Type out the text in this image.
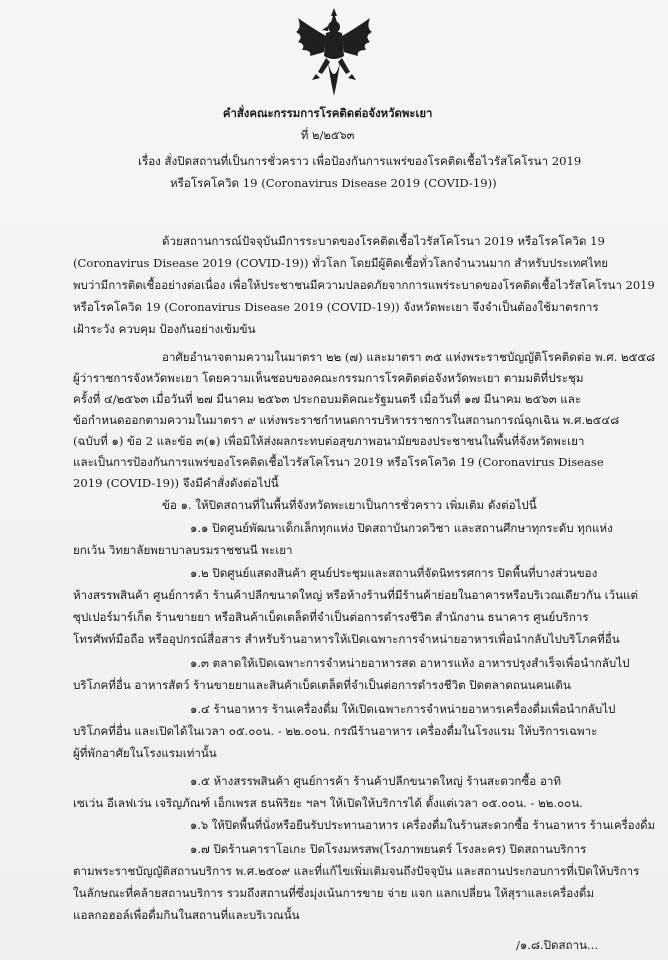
คำสั่งคณะกรรมการโรคติดต่อจังหวัดพะเยา
ที่ ๒/๒๕๖๓
เรื่อง สั่งปิดสถานที่เป็นการชั่วคราว เพื่อป้องกันการแพร่ของโรคติดเชื้อไวรัสโคโรนา 2019
หรือโรคโควิด 19 (Coronavirus Disease 2019 (COVID-19))
ด้วยสถานการณ์ปัจจุบันมีการระบาดของโรคติดเชื้อไวรัสโคโรนา 2019 หรือโรคโควิด 19
(Coronavirus Disease 2019 (COVID-19)) ทั่วโลก โดยมีผู้ติดเชื้อทั่วโลกจำนวนมาก สำหรับประเทศไทย
พบว่ามีการติดเชื้ออย่างต่อเนื่อง เพื่อให้ประชาชนมีความปลอดภัยจากการแพร่ระบาดของโรคติดเชื้อไวรัสโคโรนา 2019
หรือโรคโควิด 19 (Coronavirus Disease 2019 (COVID-19)) จังหวัดพะเยา จึงจำเป็นต้องใช้มาตรการ
เฝ้าระวัง ควบคุม ป้องกันอย่างเข้มข้น
อาศัยอำนาจตามความในมาตรา ๒๒ (๗) และมาตรา ๓๕ แห่งพระราชบัญญัติโรคติดต่อ พ.ศ. ๒๕๕๘
ผู้ว่าราชการจังหวัดพะเยา โดยความเห็นชอบของคณะกรรมการโรคติดต่อจังหวัดพะเยา ตามมติที่ประชุม
ครั้งที่ ๔/๒๕๖๓ เมื่อวันที่ ๒๗ มีนาคม ๒๕๖๓ ประกอบมติคณะรัฐมนตรี เมื่อวันที่ ๑๗ มีนาคม ๒๕๖๓ และ
ข้อกำหนดออกตามความในมาตรา ๙ แห่งพระราชกำหนดการบริหารราชการในสถานการณ์ฉุกเฉิน พ.ศ.๒๕๔๘
(ฉบับที่ ๑) ข้อ 2 และข้อ ๓(๑) เพื่อมิให้ส่งผลกระทบต่อสุขภาพอนามัยของประชาชนในพื้นที่จังหวัดพะเยา
และเป็นการป้องกันการแพร่ของโรคติดเชื้อไวรัสโคโรนา 2019 หรือโรคโควิด 19 (Coronavirus Disease
2019 (COVID-19)) จึงมีคำสั่งดังต่อไปนี้
ข้อ ๑. ให้ปิดสถานที่ในพื้นที่จังหวัดพะเยาเป็นการชั่วคราว เพิ่มเติม ดังต่อไปนี้
๑.๑ ปิดศูนย์พัฒนาเด็กเล็กทุกแห่ง ปิดสถาบันกวดวิชา และสถานศึกษาทุกระดับ ทุกแห่ง
ยกเว้น วิทยาลัยพยาบาลบรมราชชนนี พะเยา
๑.๒ ปิดศูนย์แสดงสินค้า ศูนย์ประชุมและสถานที่จัดนิทรรศการ ปิดพื้นที่บางส่วนของ
ห้างสรรพสินค้า ศูนย์การค้า ร้านค้าปลีกขนาดใหญ่ หรือห้างร้านที่มีร้านค้าย่อยในอาคารหรือบริเวณเดียวกัน เว้นแต่
ซุปเปอร์มาร์เก็ต ร้านขายยา หรือสินค้าเบ็ดเตล็ดที่จำเป็นต่อการดำรงชีวิต สำนักงาน ธนาคาร ศูนย์บริการ
โทรศัพท์มือถือ หรืออุปกรณ์สื่อสาร สำหรับร้านอาหารให้เปิดเฉพาะการจำหน่ายอาหารเพื่อนำกลับไปบริโภคที่อื่น
๑.๓ ตลาดให้เปิดเฉพาะการจำหน่ายอาหารสด อาหารแห้ง อาหารปรุงสำเร็จเพื่อนำกลับไป
บริโภคที่อื่น อาหารสัตว์ ร้านขายยาและสินค้าเบ็ดเตล็ดที่จำเป็นต่อการดำรงชีวิต ปิดตลาดถนนคนเดิน
๑.๔ ร้านอาหาร ร้านเครื่องดื่ม ให้เปิดเฉพาะการจำหน่ายอาหารเครื่องดื่มเพื่อนำกลับไป
บริโภคที่อื่น และเปิดได้ในเวลา ๐๕.๐๐น. - ๒๒.๐๐น. กรณีร้านอาหาร เครื่องดื่มในโรงแรม ให้บริการเฉพาะ
ผู้ที่พักอาศัยในโรงแรมเท่านั้น
๑.๕ ห้างสรรพสินค้า ศูนย์การค้า ร้านค้าปลีกขนาดใหญ่ ร้านสะดวกซื้อ อาทิ
เซเว่น อีเลฟเว่น เจริญภัณฑ์ เอ็กเพรส ธนพิริยะ ฯลฯ ให้เปิดให้บริการได้ ตั้งแต่เวลา ๐๕.๐๐น. - ๒๒.๐๐น.
๑.๖ ให้ปิดพื้นที่นั่งหรือยืนรับประทานอาหาร เครื่องดื่มในร้านสะดวกซื้อ ร้านอาหาร ร้านเครื่องดื่ม
๑.๗ ปิดร้านคาราโอเกะ ปิดโรงมหรสพ(โรงภาพยนตร์ โรงละคร) ปิดสถานบริการ
ตามพระราชบัญญัติสถานบริการ พ.ศ.๒๕๐๙ และที่แก้ไขเพิ่มเติมจนถึงปัจจุบัน และสถานประกอบการที่เปิดให้บริการ
ในลักษณะที่คล้ายสถานบริการ รวมถึงสถานที่ซึ่งมุ่งเน้นการขาย จ่าย แจก แลกเปลี่ยน ให้สุราและเครื่องดื่ม
แอลกอฮอล์เพื่อดื่มกินในสถานที่และบริเวณนั้น
/๑.๘.ปิดสถาน...
